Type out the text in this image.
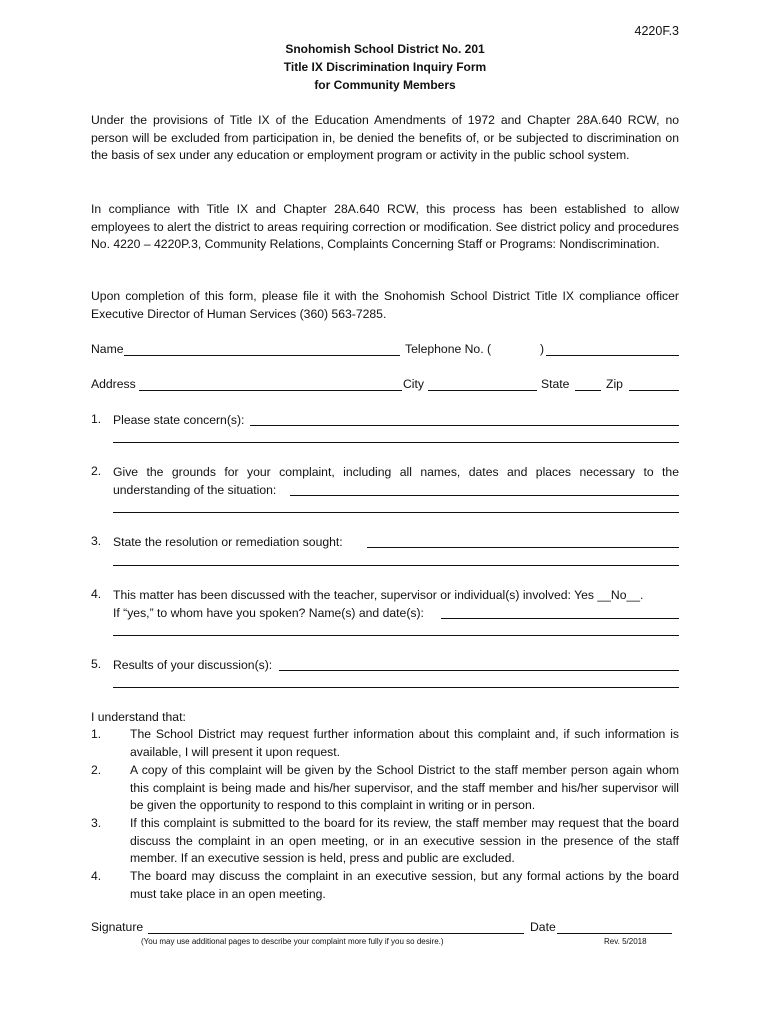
4220F.3
Snohomish School District No. 201
Title IX Discrimination Inquiry Form
for Community Members
Under the provisions of Title IX of the Education Amendments of 1972 and Chapter 28A.640 RCW, no person will be excluded from participation in, be denied the benefits of, or be subjected to discrimination on the basis of sex under any education or employment program or activity in the public school system.
In compliance with Title IX and Chapter 28A.640 RCW, this process has been established to allow employees to alert the district to areas requiring correction or modification. See district policy and procedures No. 4220 – 4220P.3, Community Relations, Complaints Concerning Staff or Programs: Nondiscrimination.
Upon completion of this form, please file it with the Snohomish School District Title IX compliance officer Executive Director of Human Services (360) 563-7285.
Name	Telephone No. (	)
Address	City	State	Zip
1. Please state concern(s):
2. Give the grounds for your complaint, including all names, dates and places necessary to the
understanding of the situation:
3. State the resolution or remediation sought:
4. This matter has been discussed with the teacher, supervisor or individual(s) involved: Yes __No__.
If “yes,” to whom have you spoken? Name(s) and date(s):
5. Results of your discussion(s):
I understand that:
1. The School District may request further information about this complaint and, if such information is available, I will present it upon request.
2. A copy of this complaint will be given by the School District to the staff member person again whom this complaint is being made and his/her supervisor, and the staff member and his/her supervisor will be given the opportunity to respond to this complaint in writing or in person.
3. If this complaint is submitted to the board for its review, the staff member may request that the board discuss the complaint in an open meeting, or in an executive session in the presence of the staff member. If an executive session is held, press and public are excluded.
4. The board may discuss the complaint in an executive session, but any formal actions by the board must take place in an open meeting.
Signature	Date
(You may use additional pages to describe your complaint more fully if you so desire.)	Rev. 5/2018
